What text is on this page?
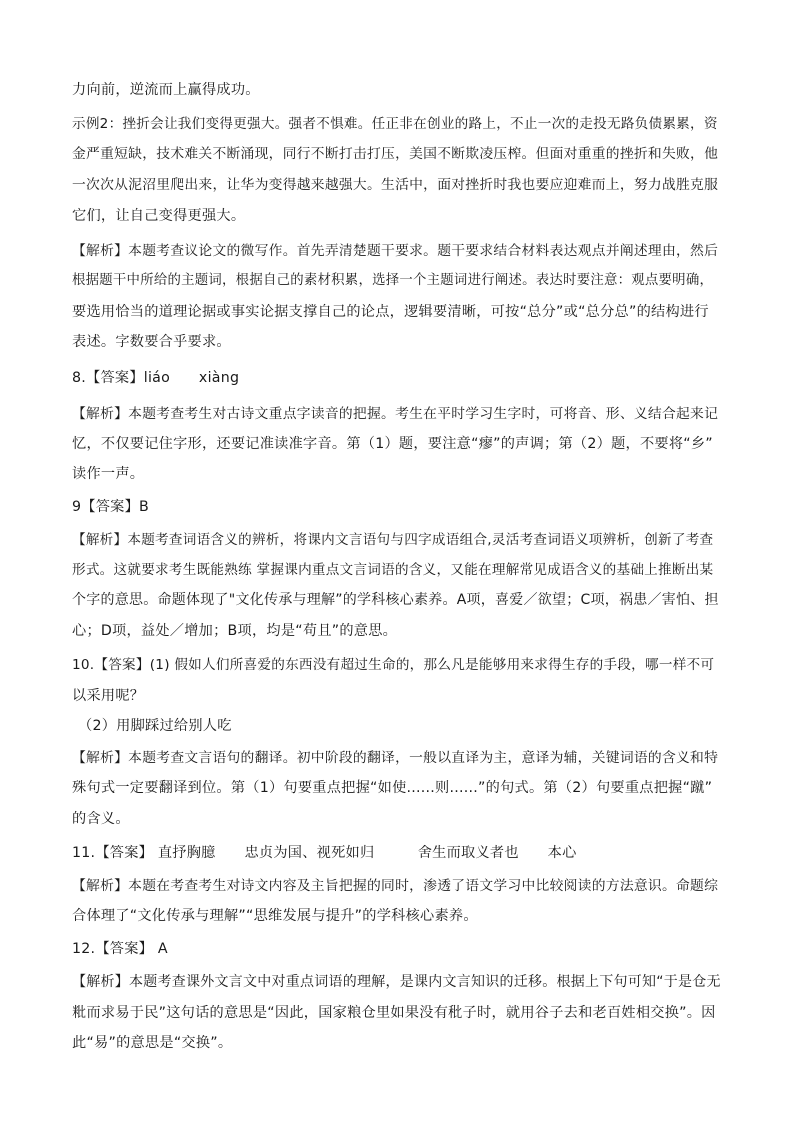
力向前，逆流而上赢得成功。
示例2：挫折会让我们变得更强大。强者不惧难。任正非在创业的路上，不止一次的走投无路负债累累，资
金严重短缺，技术难关不断涌现，同行不断打击打压，美国不断欺凌压榨。但面对重重的挫折和失败，他
一次次从泥沼里爬出来，让华为变得越来越强大。生活中，面对挫折时我也要应迎难而上，努力战胜克服
它们，让自己变得更强大。
【解析】本题考查议论文的微写作。首先弄清楚题干要求。题干要求结合材料表达观点并阐述理由，然后
根据题干中所给的主题词，根据自己的素材积累，选择一个主题词进行阐述。表达时要注意：观点要明确，
要选用恰当的道理论据或事实论据支撑自己的论点，逻辑要清晰，可按“总分”或“总分总”的结构进行
表述。字数要合乎要求。
8.【答案】liáo　　xiàng
【解析】本题考查考生对古诗文重点字读音的把握。考生在平时学习生字时，可将音、形、义结合起来记
忆，不仅要记住字形，还要记准读准字音。第（1）题，要注意“瘳”的声调；第（2）题，不要将“乡”
读作一声。
9【答案】B
【解析】本题考查词语含义的辨析，将课内文言语句与四字成语组合,灵活考查词语义项辨析，创新了考查
形式。这就要求考生既能熟练 掌握课内重点文言词语的含义，又能在理解常见成语含义的基础上推断出某
个字的意思。命题体现了"文化传承与理解”的学科核心素养。A项，喜爱／欲望；C项，祸患／害怕、担
心；D项，益处／增加；B项，均是“苟且”的意思。
10.【答案】(1) 假如人们所喜爱的东西没有超过生命的，那么凡是能够用来求得生存的手段，哪一样不可
以采用呢？
（2）用脚踩过给别人吃
【解析】本题考查文言语句的翻译。初中阶段的翻译，一般以直译为主，意译为辅，关键词语的含义和特
殊句式一定要翻译到位。第（1）句要重点把握“如使......则......”的句式。第（2）句要重点把握“蹴”
的含义。
11.【答案】 直抒胸臆　　忠贞为国、视死如归　　　舍生而取义者也　　本心
【解析】本题在考查考生对诗文内容及主旨把握的同时，渗透了语文学习中比较阅读的方法意识。命题综
合体理了“文化传承与理解”“思维发展与提升”的学科核心素养。
12.【答案】 A
【解析】本题考查课外文言文中对重点词语的理解，是课内文言知识的迁移。根据上下句可知“于是仓无
粃而求易于民”这句话的意思是“因此，国家粮仓里如果没有秕子时，就用谷子去和老百姓相交换”。因
此“易”的意思是“交换”。
